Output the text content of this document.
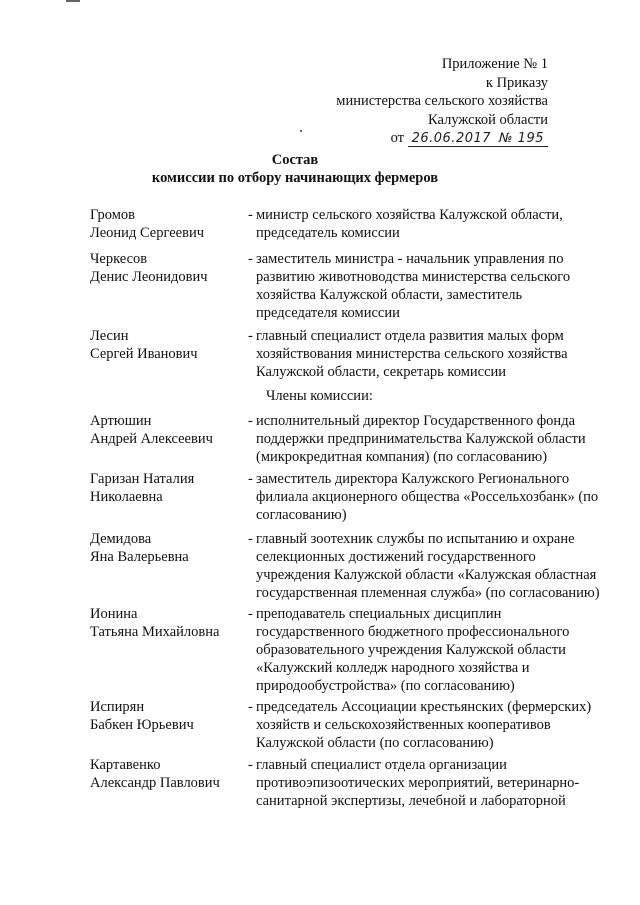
Приложение № 1
к Приказу
министерства сельского хозяйства
Калужской области
от 26.06.2017 № 195
Состав
комиссии по отбору начинающих фермеров
Громов
Леонид Сергеевич
- министр сельского хозяйства Калужской области, председатель комиссии
Черкесов
Денис Леонидович
- заместитель министра - начальник управления по развитию животноводства министерства сельского хозяйства Калужской области, заместитель председателя комиссии
Лесин
Сергей Иванович
- главный специалист отдела развития малых форм хозяйствования министерства сельского хозяйства Калужской области, секретарь комиссии
Члены комиссии:
Артюшин
Андрей Алексеевич
- исполнительный директор Государственного фонда поддержки предпринимательства Калужской области (микрокредитная компания) (по согласованию)
Гаризан Наталия
Николаевна
- заместитель директора Калужского Регионального филиала акционерного общества «Россельхозбанк» (по согласованию)
Демидова
Яна Валерьевна
- главный зоотехник службы по испытанию и охране селекционных достижений государственного учреждения Калужской области «Калужская областная государственная племенная служба» (по согласованию)
Ионина
Татьяна Михайловна
- преподаватель специальных дисциплин государственного бюджетного профессионального образовательного учреждения Калужской области «Калужский колледж народного хозяйства и природообустройства» (по согласованию)
Испирян
Бабкен Юрьевич
- председатель Ассоциации крестьянских (фермерских) хозяйств и сельскохозяйственных кооперативов Калужской области (по согласованию)
Картавенко
Александр Павлович
- главный специалист отдела организации противоэпизоотических мероприятий, ветеринарно-санитарной экспертизы, лечебной и лабораторной
